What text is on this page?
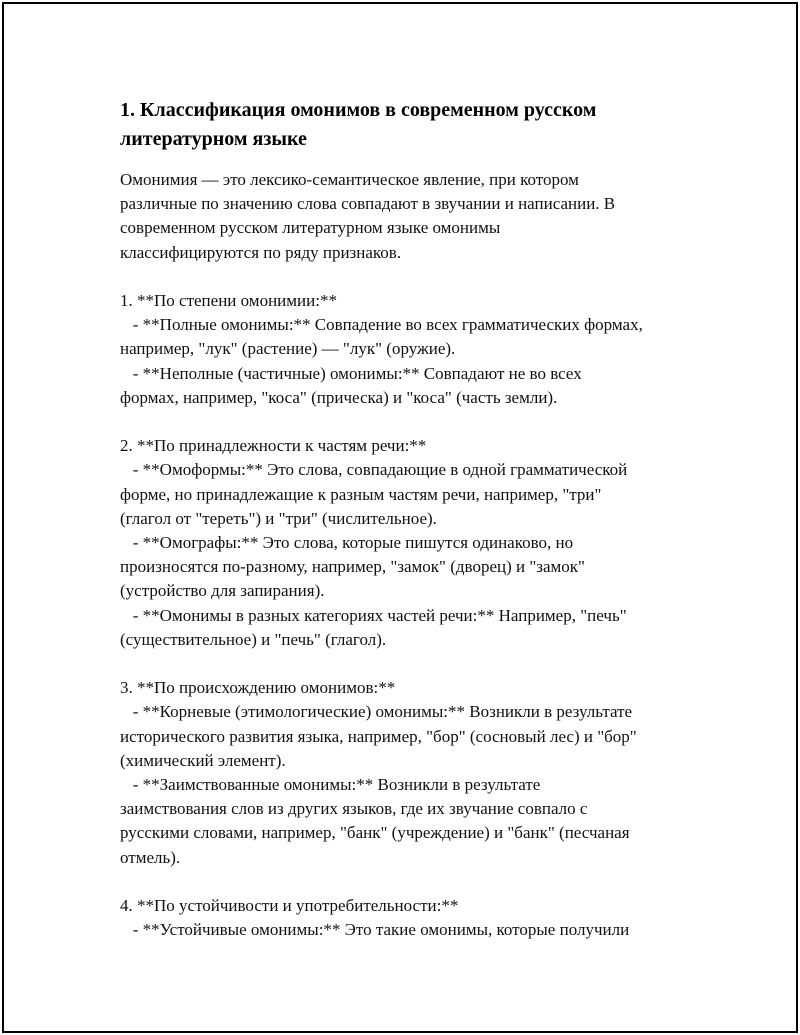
1. Классификация омонимов в современном русском
литературном языке
Омонимия — это лексико-семантическое явление, при котором
различные по значению слова совпадают в звучании и написании. В
современном русском литературном языке омонимы
классифицируются по ряду признаков.
1. **По степени омонимии:**
- **Полные омонимы:** Совпадение во всех грамматических формах,
например, "лук" (растение) — "лук" (оружие).
- **Неполные (частичные) омонимы:** Совпадают не во всех
формах, например, "коса" (прическа) и "коса" (часть земли).
2. **По принадлежности к частям речи:**
- **Омоформы:** Это слова, совпадающие в одной грамматической
форме, но принадлежащие к разным частям речи, например, "три"
(глагол от "тереть") и "три" (числительное).
- **Омографы:** Это слова, которые пишутся одинаково, но
произносятся по-разному, например, "замок" (дворец) и "замок"
(устройство для запирания).
- **Омонимы в разных категориях частей речи:** Например, "печь"
(существительное) и "печь" (глагол).
3. **По происхождению омонимов:**
- **Корневые (этимологические) омонимы:** Возникли в результате
исторического развития языка, например, "бор" (сосновый лес) и "бор"
(химический элемент).
- **Заимствованные омонимы:** Возникли в результате
заимствования слов из других языков, где их звучание совпало с
русскими словами, например, "банк" (учреждение) и "банк" (песчаная
отмель).
4. **По устойчивости и употребительности:**
- **Устойчивые омонимы:** Это такие омонимы, которые получили
